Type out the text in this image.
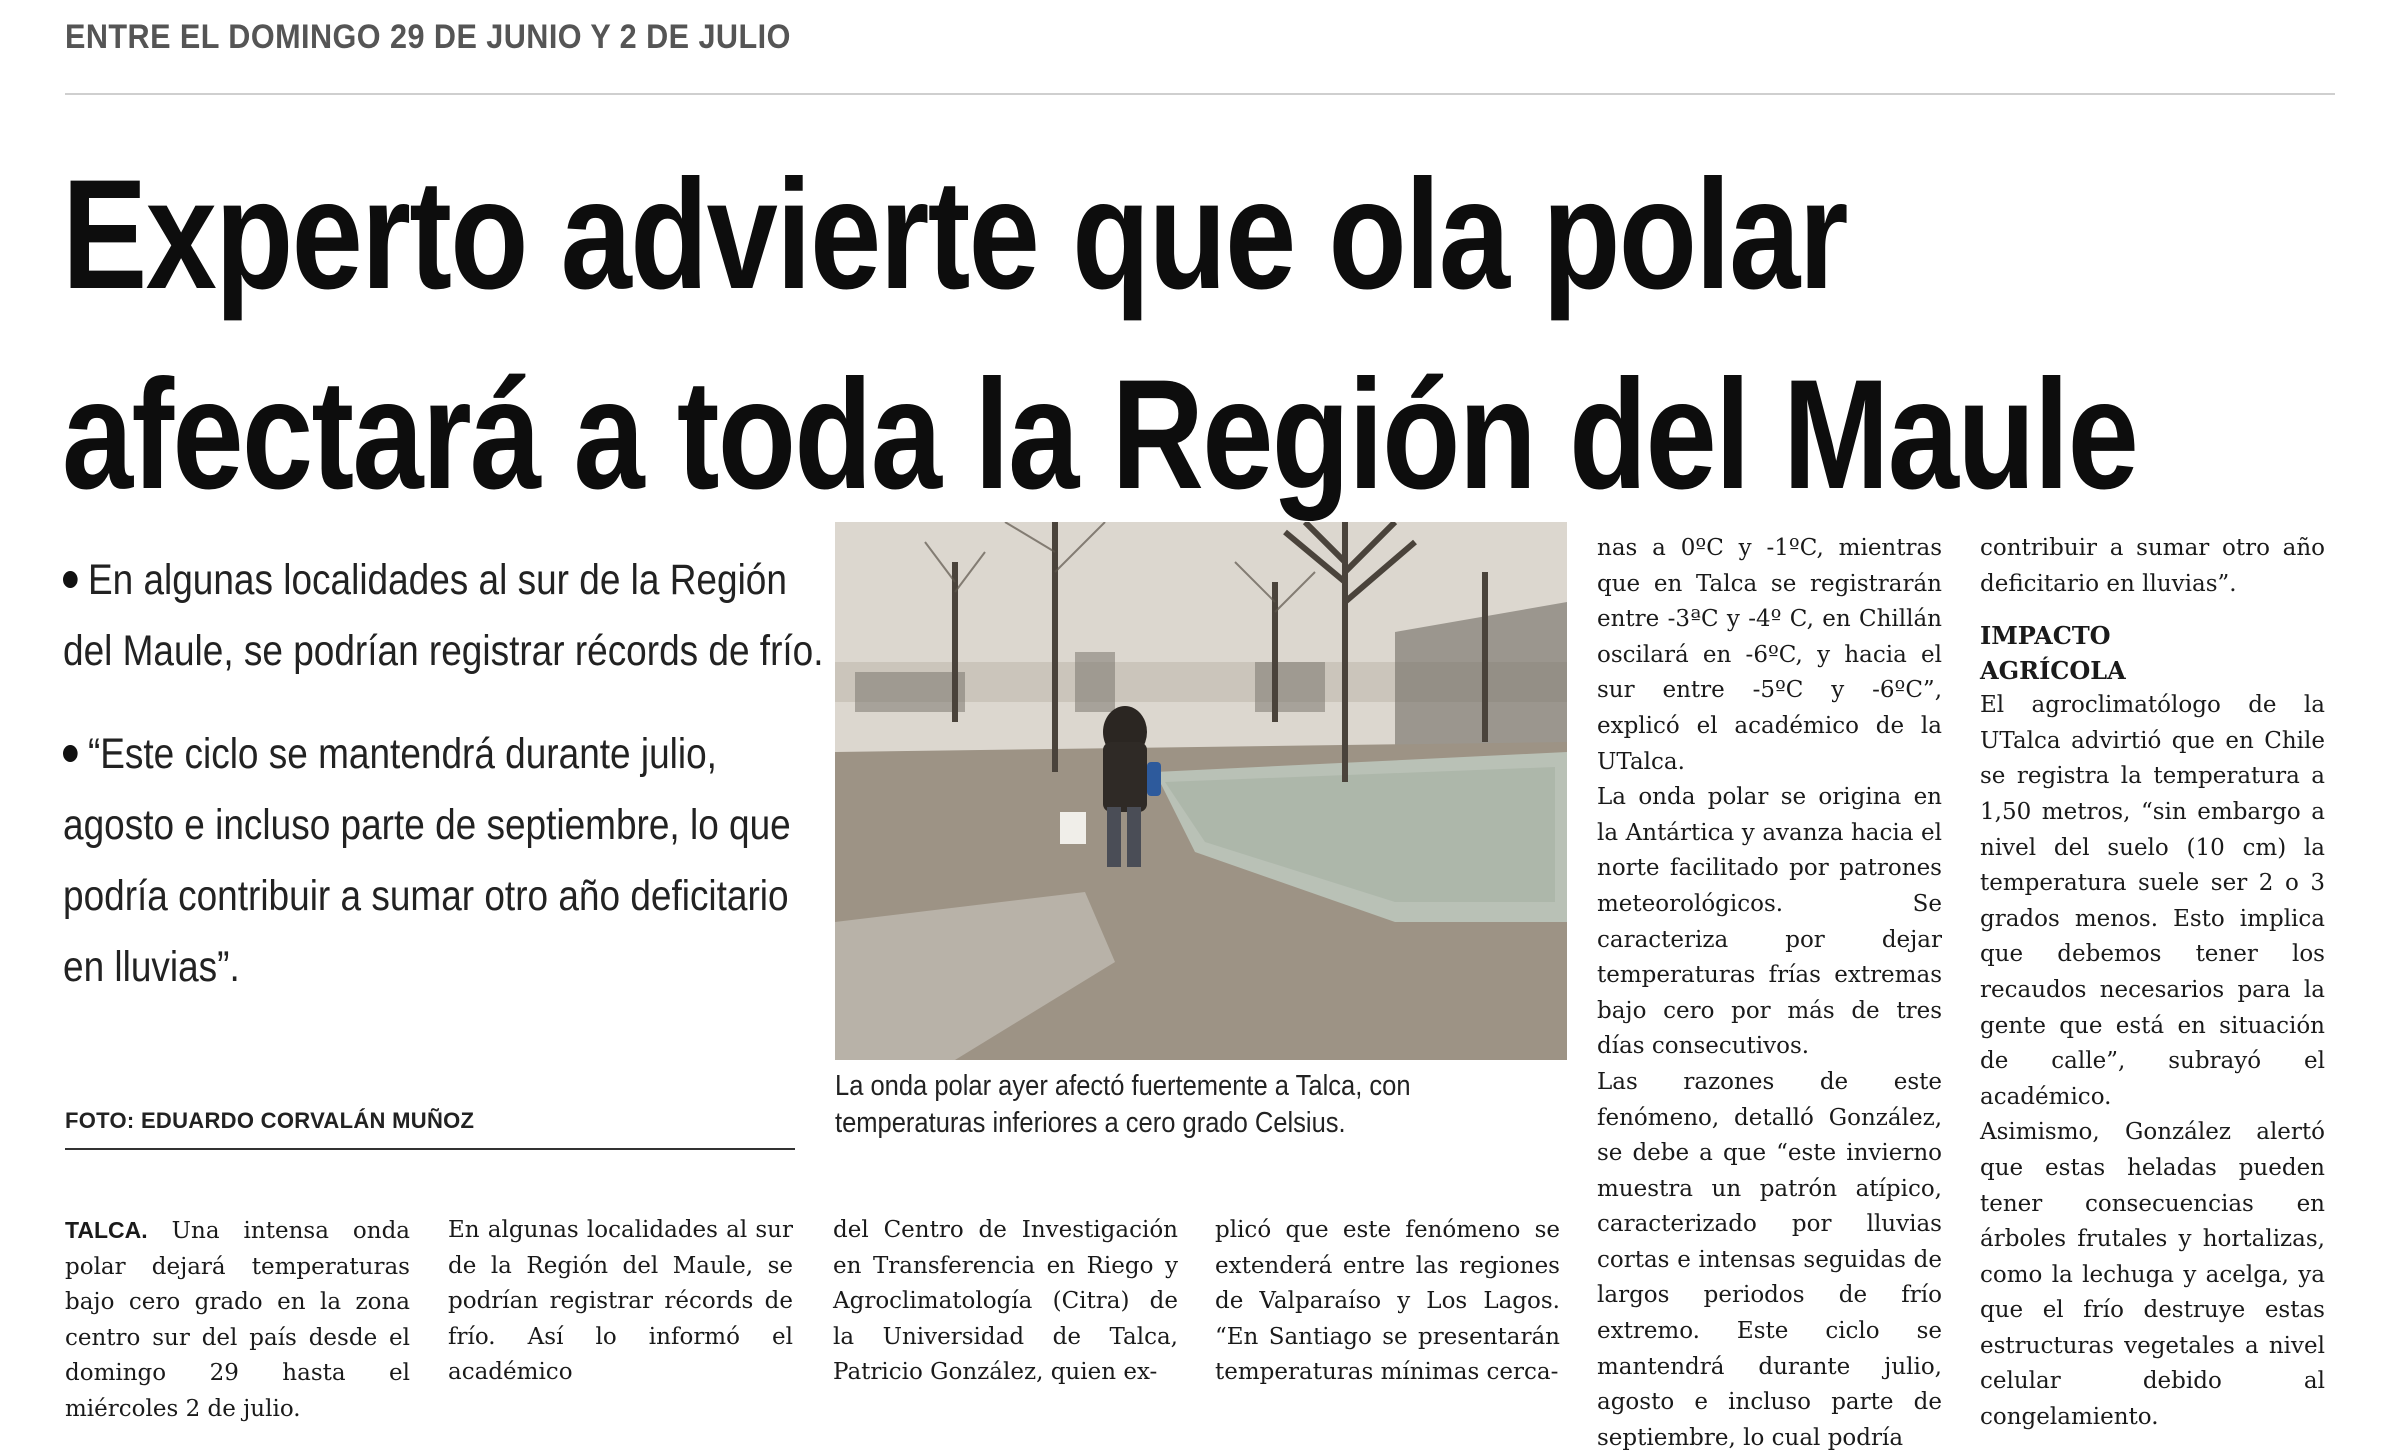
ENTRE EL DOMINGO 29 DE JUNIO Y 2 DE JULIO
Experto advierte que ola polar
afectará a toda la Región del Maule
En algunas localidades al sur de la Región del Maule, se podrían registrar récords de frío.
“Este ciclo se mantendrá durante julio, agosto e incluso parte de septiembre, lo que podría contribuir a sumar otro año deficitario en lluvias”.
FOTO: EDUARDO CORVALÁN MUÑOZ
La onda polar ayer afectó fuertemente a Talca, con temperaturas inferiores a cero grado Celsius.

TALCA. Una intensa onda polar dejará temperaturas bajo cero grado en la zona centro sur del país desde el domingo 29 hasta el miércoles 2 de julio.

En algunas localidades al sur de la Región del Maule, se podrían registrar récords de frío. Así lo informó el académico

del Centro de Investigación en Transferencia en Riego y Agroclimatología (Citra) de la Universidad de Talca, Patricio González, quien ex-

plicó que este fenómeno se extenderá entre las regiones de Valparaíso y Los Lagos. “En Santiago se presentarán temperaturas mínimas cerca-

nas a 0ºC y -1ºC, mientras que en Talca se registrarán entre -3ªC y -4º C, en Chillán oscilará en -6ºC, y hacia el sur entre -5ºC y -6ºC”, explicó el académico de la UTalca.

La onda polar se origina en la Antártica y avanza hacia el norte facilitado por patrones meteorológicos. Se caracteriza por dejar temperaturas frías extremas bajo cero por más de tres días consecutivos.

Las razones de este fenómeno, detalló González, se debe a que “este invierno muestra un patrón atípico, caracterizado por lluvias cortas e intensas seguidas de largos periodos de frío extremo. Este ciclo se mantendrá durante julio, agosto e incluso parte de septiembre, lo cual podría

contribuir a sumar otro año deficitario en lluvias”.

IMPACTO
AGRÍCOLA

El agroclimatólogo de la UTalca advirtió que en Chile se registra la temperatura a 1,50 metros, “sin embargo a nivel del suelo (10 cm) la temperatura suele ser 2 o 3 grados menos. Esto implica que debemos tener los recaudos necesarios para la gente que está en situación de calle”, subrayó el académico.

Asimismo, González alertó que estas heladas pueden tener consecuencias en árboles frutales y hortalizas, como la lechuga y acelga, ya que el frío destruye estas estructuras vegetales a nivel celular debido al congelamiento.
